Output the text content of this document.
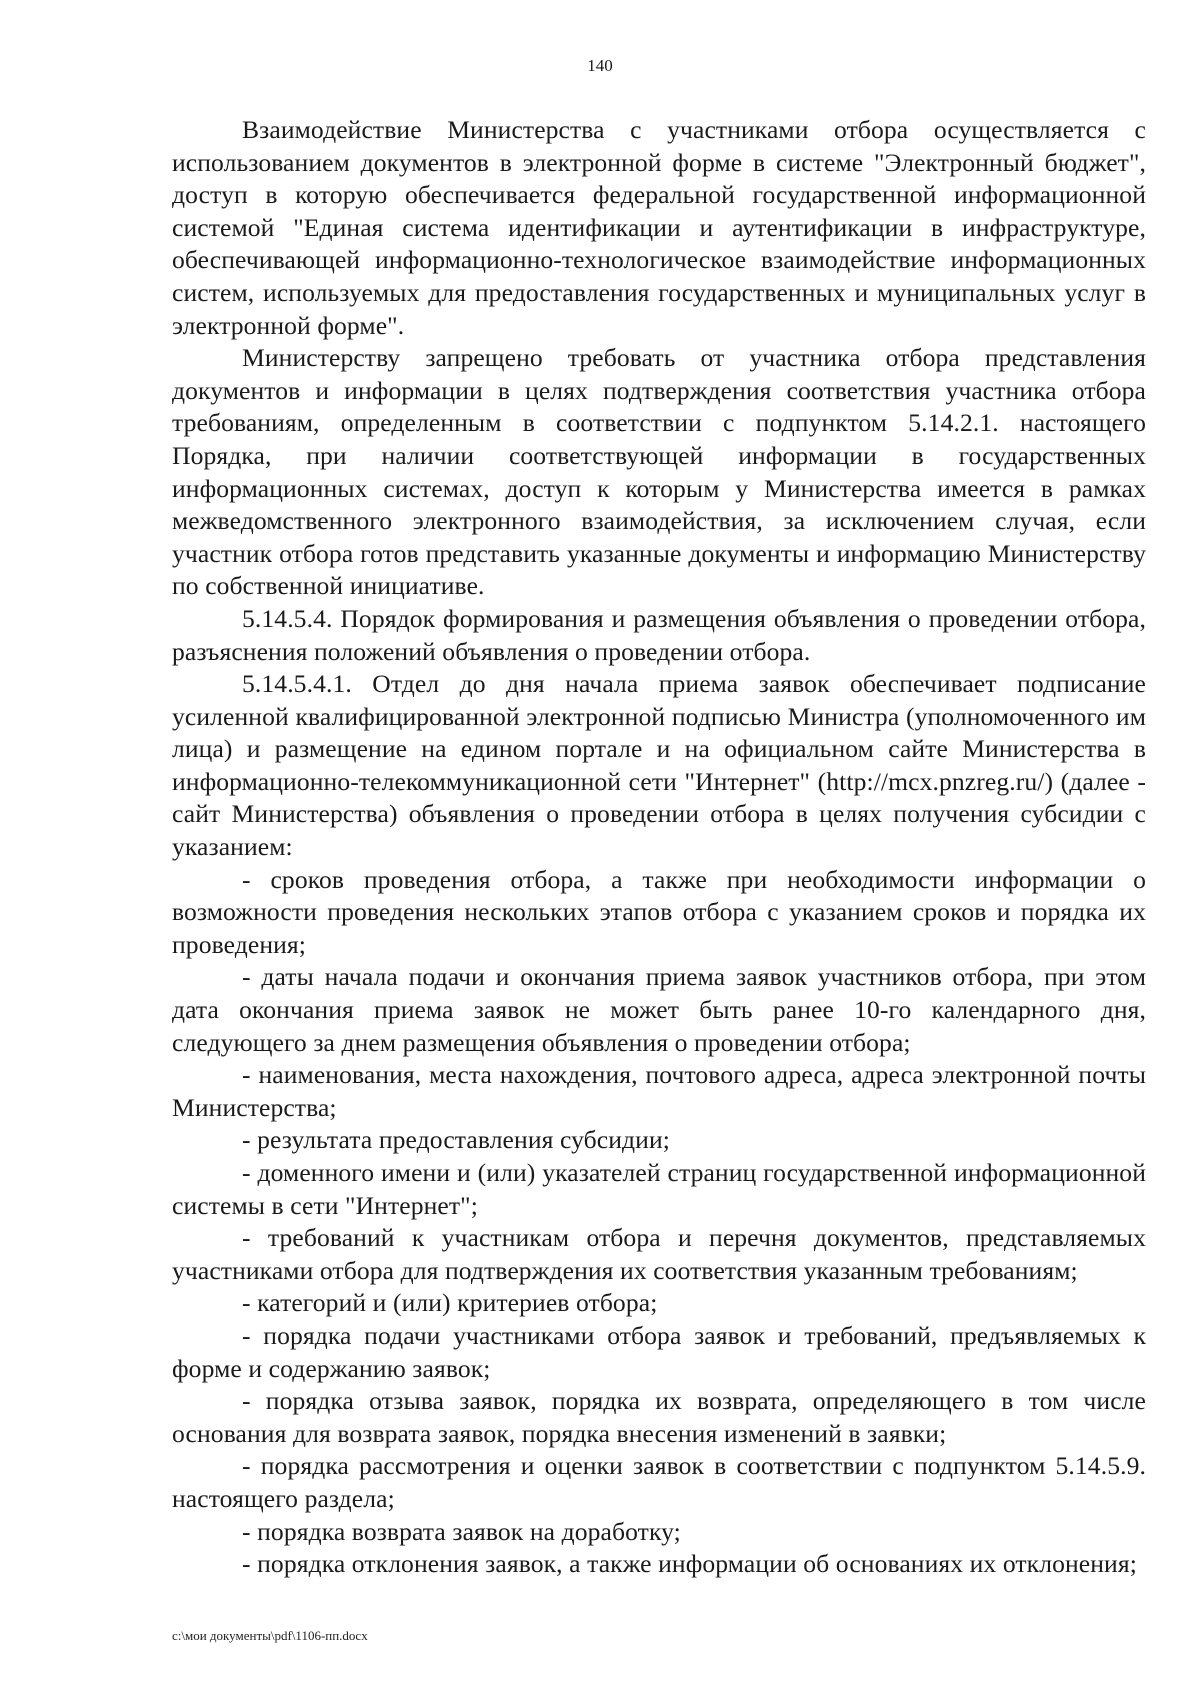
140

Взаимодействие Министерства с участниками отбора осуществляется с использованием документов в электронной форме в системе "Электронный бюджет", доступ в которую обеспечивается федеральной государственной информационной системой "Единая система идентификации и аутентификации в инфраструктуре, обеспечивающей информационно-технологическое взаимодействие информационных систем, используемых для предоставления государственных и муниципальных услуг в электронной форме".

Министерству запрещено требовать от участника отбора представления документов и информации в целях подтверждения соответствия участника отбора требованиям, определенным в соответствии с подпунктом 5.14.2.1. настоящего Порядка, при наличии соответствующей информации в государственных информационных системах, доступ к которым у Министерства имеется в рамках межведомственного электронного взаимодействия, за исключением случая, если участник отбора готов представить указанные документы и информацию Министерству по собственной инициативе.

5.14.5.4. Порядок формирования и размещения объявления о проведении отбора, разъяснения положений объявления о проведении отбора.

5.14.5.4.1. Отдел до дня начала приема заявок обеспечивает подписание усиленной квалифицированной электронной подписью Министра (уполномоченного им лица) и размещение на едином портале и на официальном сайте Министерства в информационно-телекоммуникационной сети "Интернет" (http://mcx.pnzreg.ru/) (далее - сайт Министерства) объявления о проведении отбора в целях получения субсидии с указанием:

- сроков проведения отбора, а также при необходимости информации о возможности проведения нескольких этапов отбора с указанием сроков и порядка их проведения;

- даты начала подачи и окончания приема заявок участников отбора, при этом дата окончания приема заявок не может быть ранее 10-го календарного дня, следующего за днем размещения объявления о проведении отбора;

- наименования, места нахождения, почтового адреса, адреса электронной почты Министерства;

- результата предоставления субсидии;

- доменного имени и (или) указателей страниц государственной информационной системы в сети "Интернет";

- требований к участникам отбора и перечня документов, представляемых участниками отбора для подтверждения их соответствия указанным требованиям;

- категорий и (или) критериев отбора;

- порядка подачи участниками отбора заявок и требований, предъявляемых к форме и содержанию заявок;

- порядка отзыва заявок, порядка их возврата, определяющего в том числе основания для возврата заявок, порядка внесения изменений в заявки;

- порядка рассмотрения и оценки заявок в соответствии с подпунктом 5.14.5.9. настоящего раздела;

- порядка возврата заявок на доработку;

- порядка отклонения заявок, а также информации об основаниях их отклонения;

c:\мои документы\pdf\1106-пп.docx
